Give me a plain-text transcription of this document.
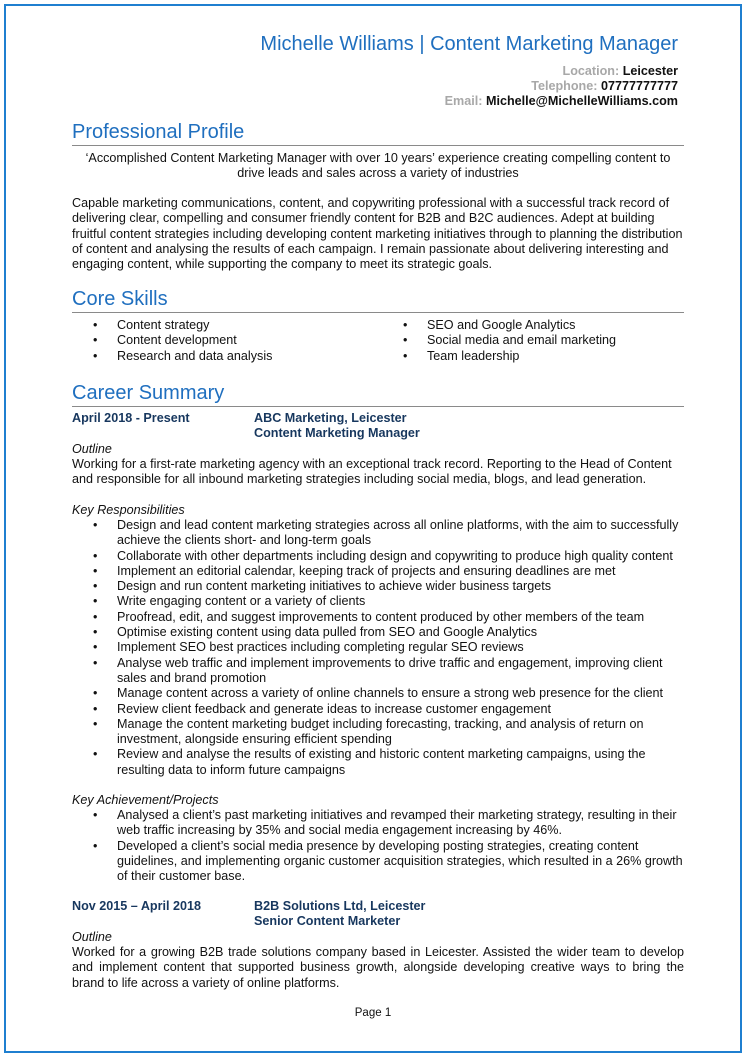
Michelle Williams | Content Marketing Manager
Location: Leicester
Telephone: 07777777777
Email: Michelle@MichelleWilliams.com
Professional Profile
‘Accomplished Content Marketing Manager with over 10 years’ experience creating compelling content to drive leads and sales across a variety of industries
Capable marketing communications, content, and copywriting professional with a successful track record of delivering clear, compelling and consumer friendly content for B2B and B2C audiences. Adept at building fruitful content strategies including developing content marketing initiatives through to planning the distribution of content and analysing the results of each campaign. I remain passionate about delivering interesting and engaging content, while supporting the company to meet its strategic goals.
Core Skills
• Content strategy
• Content development
• Research and data analysis
• SEO and Google Analytics
• Social media and email marketing
• Team leadership
Career Summary
April 2018 - Present	ABC Marketing, Leicester
Content Marketing Manager
Outline
Working for a first-rate marketing agency with an exceptional track record. Reporting to the Head of Content and responsible for all inbound marketing strategies including social media, blogs, and lead generation.
Key Responsibilities
• Design and lead content marketing strategies across all online platforms, with the aim to successfully achieve the clients short- and long-term goals
• Collaborate with other departments including design and copywriting to produce high quality content
• Implement an editorial calendar, keeping track of projects and ensuring deadlines are met
• Design and run content marketing initiatives to achieve wider business targets
• Write engaging content or a variety of clients
• Proofread, edit, and suggest improvements to content produced by other members of the team
• Optimise existing content using data pulled from SEO and Google Analytics
• Implement SEO best practices including completing regular SEO reviews
• Analyse web traffic and implement improvements to drive traffic and engagement, improving client sales and brand promotion
• Manage content across a variety of online channels to ensure a strong web presence for the client
• Review client feedback and generate ideas to increase customer engagement
• Manage the content marketing budget including forecasting, tracking, and analysis of return on investment, alongside ensuring efficient spending
• Review and analyse the results of existing and historic content marketing campaigns, using the resulting data to inform future campaigns
Key Achievement/Projects
• Analysed a client’s past marketing initiatives and revamped their marketing strategy, resulting in their web traffic increasing by 35% and social media engagement increasing by 46%.
• Developed a client’s social media presence by developing posting strategies, creating content guidelines, and implementing organic customer acquisition strategies, which resulted in a 26% growth of their customer base.
Nov 2015 – April 2018	B2B Solutions Ltd, Leicester
Senior Content Marketer
Outline
Worked for a growing B2B trade solutions company based in Leicester. Assisted the wider team to develop and implement content that supported business growth, alongside developing creative ways to bring the brand to life across a variety of online platforms.
Page 1
